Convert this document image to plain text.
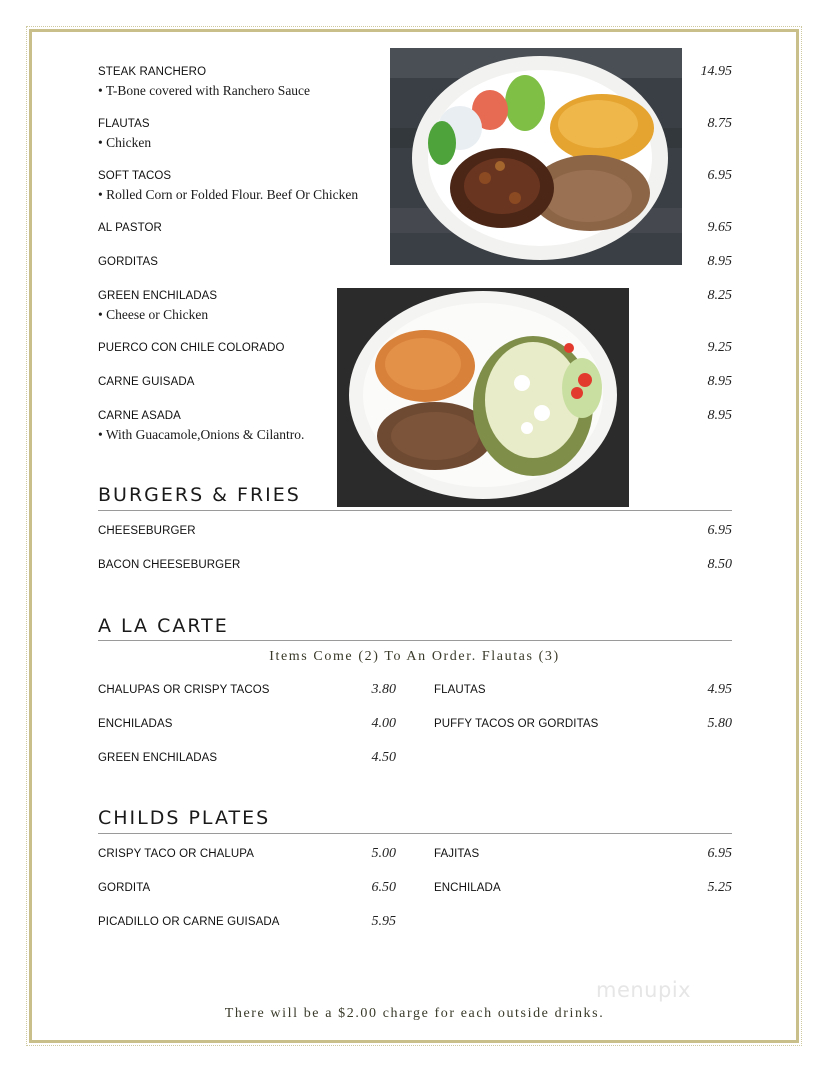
STEAK RANCHERO
• T-Bone covered with Ranchero Sauce
14.95
FLAUTAS
• Chicken
8.75
SOFT TACOS
• Rolled Corn or Folded Flour. Beef Or Chicken
6.95
AL PASTOR	9.65
GORDITAS	8.95
GREEN ENCHILADAS
• Cheese or Chicken
8.25
PUERCO CON CHILE COLORADO	9.25
CARNE GUISADA	8.95
CARNE ASADA
• With Guacamole,Onions & Cilantro.
8.95
BURGERS & FRIES
CHEESEBURGER	6.95
BACON CHEESEBURGER	8.50
A LA CARTE
Items Come (2) To An Order. Flautas (3)
CHALUPAS OR CRISPY TACOS	3.80
ENCHILADAS	4.00
GREEN ENCHILADAS	4.50
FLAUTAS	4.95
PUFFY TACOS OR GORDITAS	5.80
CHILDS PLATES
CRISPY TACO OR CHALUPA	5.00
GORDITA	6.50
PICADILLO OR CARNE GUISADA	5.95
FAJITAS	6.95
ENCHILADA	5.25
menupix
There will be a $2.00 charge for each outside drinks.
